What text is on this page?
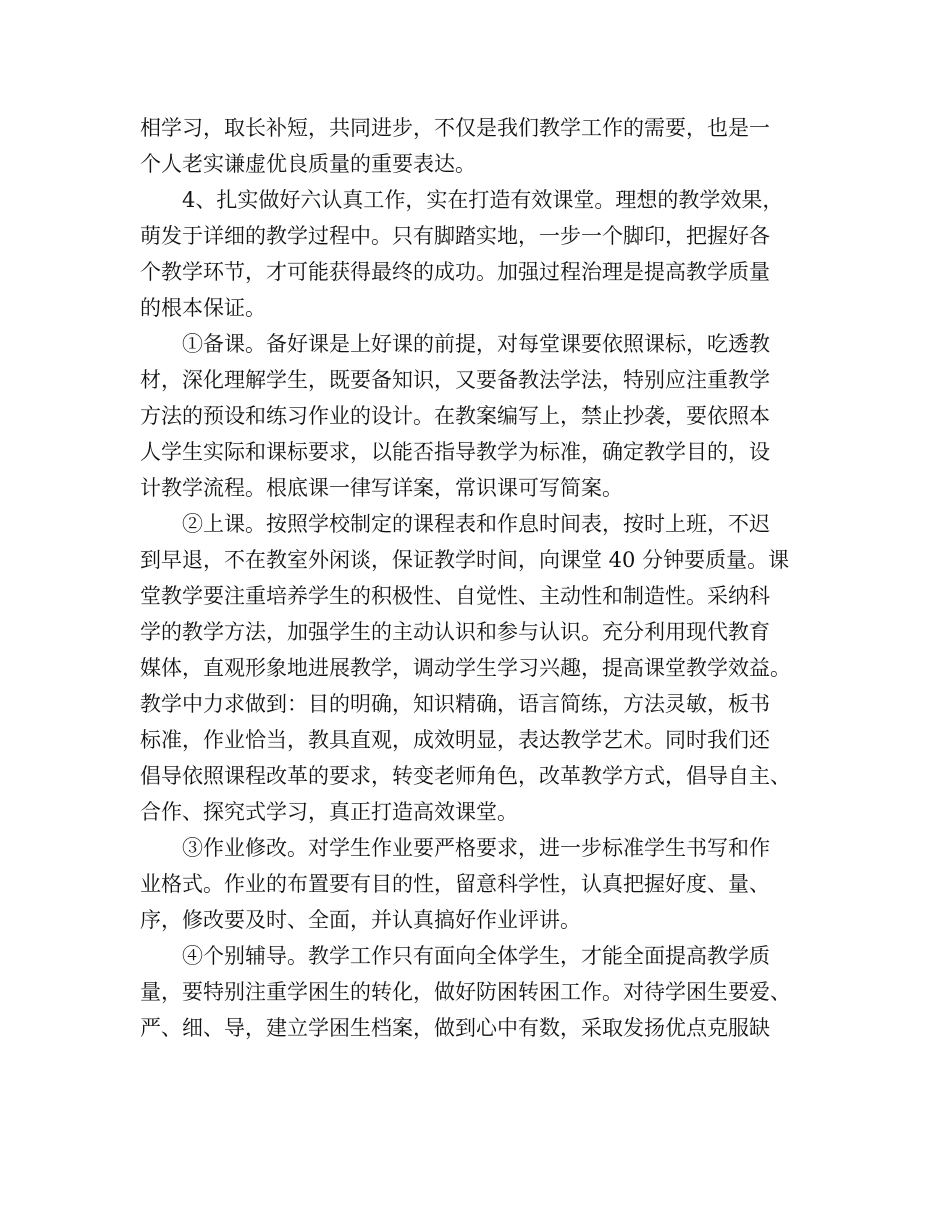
相学习，取长补短，共同进步，不仅是我们教学工作的需要，也是一
个人老实谦虚优良质量的重要表达。
4、扎实做好六认真工作，实在打造有效课堂。理想的教学效果，
萌发于详细的教学过程中。只有脚踏实地，一步一个脚印，把握好各
个教学环节，才可能获得最终的成功。加强过程治理是提高教学质量
的根本保证。
①备课。备好课是上好课的前提，对每堂课要依照课标，吃透教
材，深化理解学生，既要备知识，又要备教法学法，特别应注重教学
方法的预设和练习作业的设计。在教案编写上，禁止抄袭，要依照本
人学生实际和课标要求，以能否指导教学为标准，确定教学目的，设
计教学流程。根底课一律写详案，常识课可写简案。
②上课。按照学校制定的课程表和作息时间表，按时上班，不迟
到早退，不在教室外闲谈，保证教学时间，向课堂 40 分钟要质量。课
堂教学要注重培养学生的积极性、自觉性、主动性和制造性。采纳科
学的教学方法，加强学生的主动认识和参与认识。充分利用现代教育
媒体，直观形象地进展教学，调动学生学习兴趣，提高课堂教学效益。
教学中力求做到：目的明确，知识精确，语言简练，方法灵敏，板书
标准，作业恰当，教具直观，成效明显，表达教学艺术。同时我们还
倡导依照课程改革的要求，转变老师角色，改革教学方式，倡导自主、
合作、探究式学习，真正打造高效课堂。
③作业修改。对学生作业要严格要求，进一步标准学生书写和作
业格式。作业的布置要有目的性，留意科学性，认真把握好度、量、
序，修改要及时、全面，并认真搞好作业评讲。
④个别辅导。教学工作只有面向全体学生，才能全面提高教学质
量，要特别注重学困生的转化，做好防困转困工作。对待学困生要爱、
严、细、导，建立学困生档案，做到心中有数，采取发扬优点克服缺
